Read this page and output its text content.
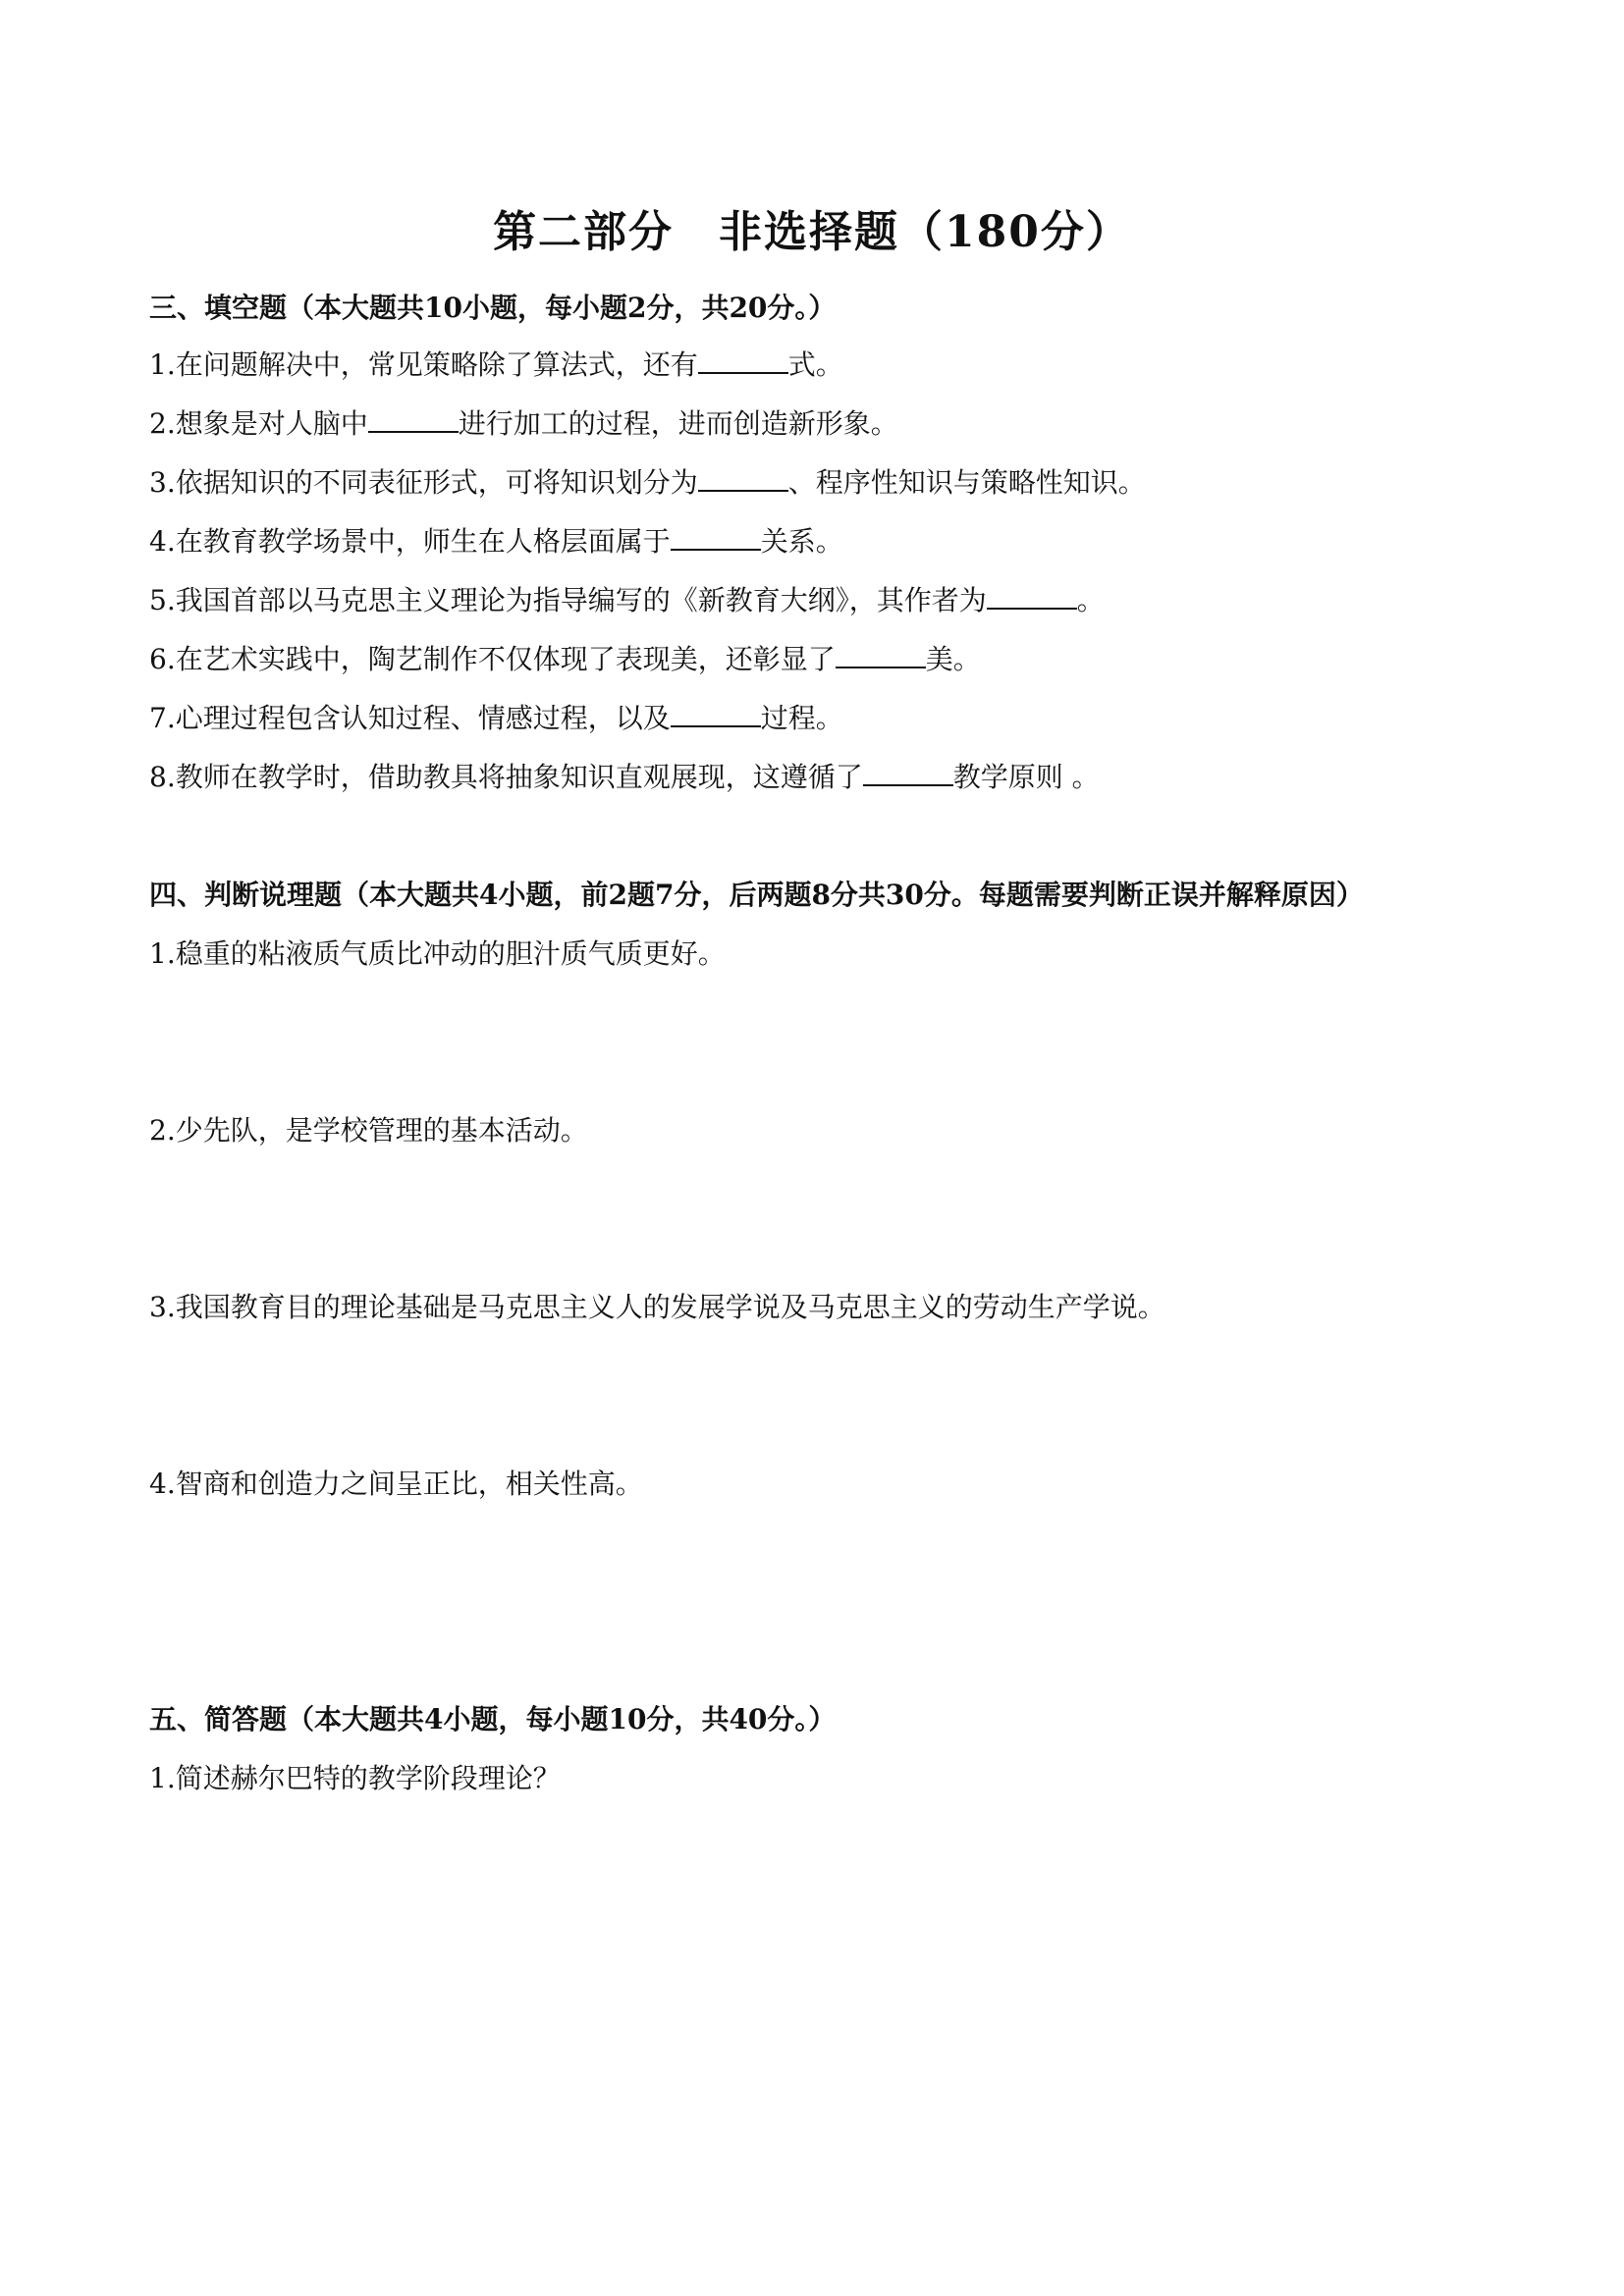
第二部分　非选择题（180分）
三、填空题（本大题共10小题，每小题2分，共20分。）
1.在问题解决中，常见策略除了算法式，还有	式。
2.想象是对人脑中	进行加工的过程，进而创造新形象。
3.依据知识的不同表征形式，可将知识划分为	、程序性知识与策略性知识。
4.在教育教学场景中，师生在人格层面属于	关系。
5.我国首部以马克思主义理论为指导编写的《新教育大纲》，其作者为	。
6.在艺术实践中，陶艺制作不仅体现了表现美，还彰显了	美。
7.心理过程包含认知过程、情感过程，以及	过程。
8.教师在教学时，借助教具将抽象知识直观展现，这遵循了	教学原则 。
四、判断说理题（本大题共4小题，前2题7分，后两题8分共30分。每题需要判断正误并解释原因）
1.稳重的粘液质气质比冲动的胆汁质气质更好。
2.少先队，是学校管理的基本活动。
3.我国教育目的理论基础是马克思主义人的发展学说及马克思主义的劳动生产学说。
4.智商和创造力之间呈正比，相关性高。
五、简答题（本大题共4小题，每小题10分，共40分。）
1.简述赫尔巴特的教学阶段理论？
